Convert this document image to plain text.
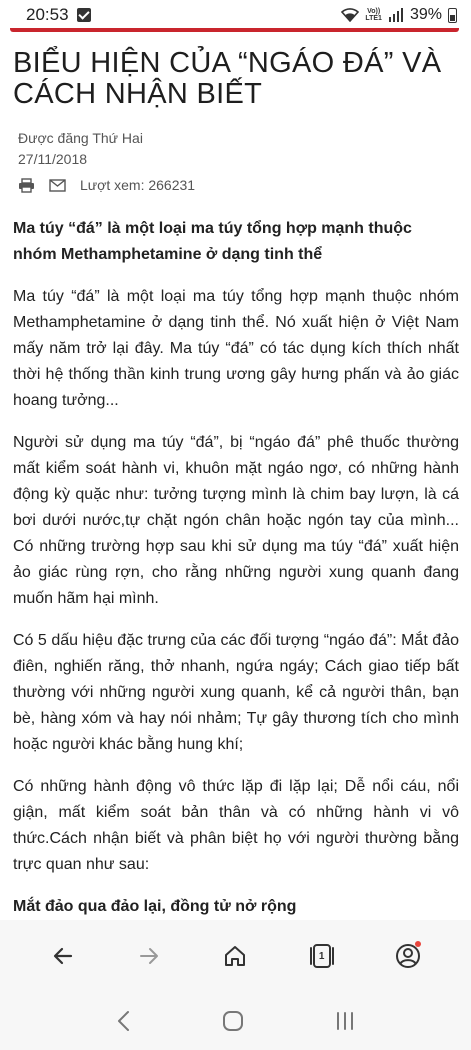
20:53	Vo))
LTE1 39%
BIỂU HIỆN CỦA “NGÁO ĐÁ” VÀ CÁCH NHẬN BIẾT
Được đăng Thứ Hai
27/11/2018
Lượt xem: 266231

Ma túy “đá” là một loại ma túy tổng hợp mạnh thuộc nhóm Methamphetamine ở dạng tinh thể

Ma túy “đá” là một loại ma túy tổng hợp mạnh thuộc nhóm Methamphetamine ở dạng tinh thể. Nó xuất hiện ở Việt Nam mấy năm trở lại đây. Ma túy “đá” có tác dụng kích thích nhất thời hệ thống thần kinh trung ương gây hưng phấn và ảo giác hoang tưởng...

Người sử dụng ma túy “đá”, bị “ngáo đá” phê thuốc thường mất kiểm soát hành vi, khuôn mặt ngáo ngơ, có những hành động kỳ quặc như: tưởng tượng mình là chim bay lượn, là cá bơi dưới nước,tự chặt ngón chân hoặc ngón tay của mình... Có những trường hợp sau khi sử dụng ma túy “đá” xuất hiện ảo giác rùng rợn, cho rằng những người xung quanh đang muốn hãm hại mình.

Có 5 dấu hiệu đặc trưng của các đối tượng “ngáo đá”: Mắt đảo điên, nghiến răng, thở nhanh, ngứa ngáy; Cách giao tiếp bất thường với những người xung quanh, kể cả người thân, bạn bè, hàng xóm và hay nói nhảm; Tự gây thương tích cho mình hoặc người khác bằng hung khí;

Có những hành động vô thức lặp đi lặp lại; Dễ nổi cáu, nổi giận, mất kiểm soát bản thân và có những hành vi vô thức.Cách nhận biết và phân biệt họ với người thường bằng trực quan như sau:

Mắt đảo qua đảo lại, đồng tử nở rộng

1
